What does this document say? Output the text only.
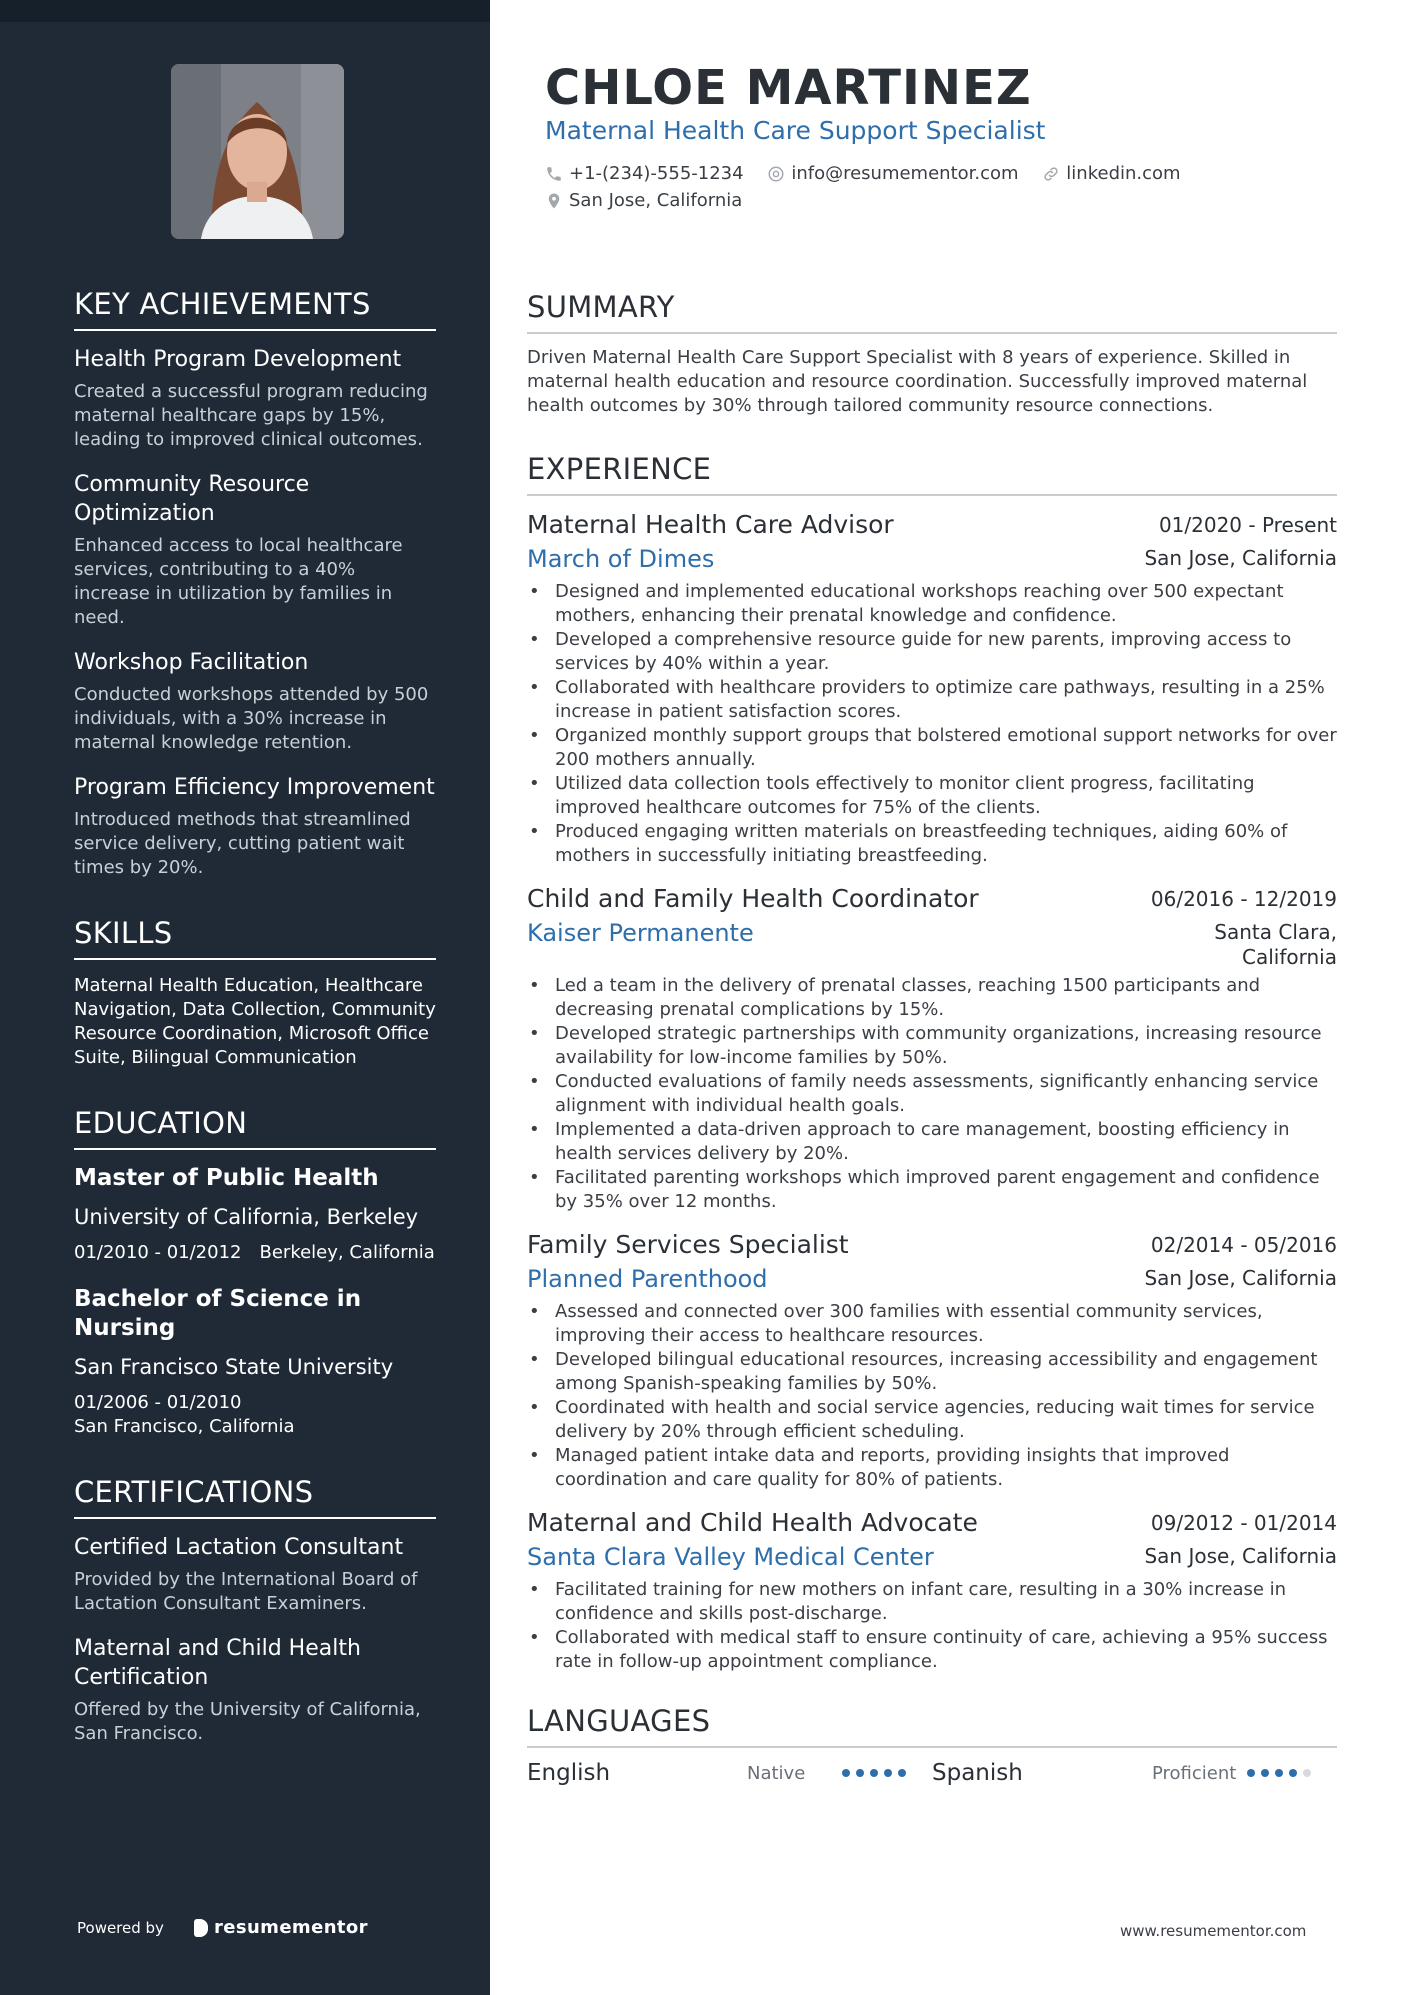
KEY ACHIEVEMENTS
Health Program Development
Created a successful program reducing maternal healthcare gaps by 15%, leading to improved clinical outcomes.
Community Resource Optimization
Enhanced access to local healthcare services, contributing to a 40% increase in utilization by families in need.
Workshop Facilitation
Conducted workshops attended by 500 individuals, with a 30% increase in maternal knowledge retention.
Program Efficiency Improvement
Introduced methods that streamlined service delivery, cutting patient wait times by 20%.
SKILLS
Maternal Health Education, Healthcare Navigation, Data Collection, Community Resource Coordination, Microsoft Office Suite, Bilingual Communication
EDUCATION
Master of Public Health
University of California, Berkeley
01/2010 - 01/2012 Berkeley, California
Bachelor of Science in Nursing
San Francisco State University
01/2006 - 01/2010
San Francisco, California
CERTIFICATIONS
Certified Lactation Consultant
Provided by the International Board of Lactation Consultant Examiners.
Maternal and Child Health Certification
Offered by the University of California, San Francisco.
Powered by	resumementor
CHLOE MARTINEZ
Maternal Health Care Support Specialist
+1-(234)-555-1234
	info@resumementor.com
	linkedin.com

San Jose, California
SUMMARY
Driven Maternal Health Care Support Specialist with 8 years of experience. Skilled in maternal health education and resource coordination. Successfully improved maternal health outcomes by 30% through tailored community resource connections.
EXPERIENCE
Maternal Health Care Advisor	01/2020 - Present
March of Dimes	San Jose, California
• Designed and implemented educational workshops reaching over 500 expectant mothers, enhancing their prenatal knowledge and confidence.
• Developed a comprehensive resource guide for new parents, improving access to services by 40% within a year.
• Collaborated with healthcare providers to optimize care pathways, resulting in a 25% increase in patient satisfaction scores.
• Organized monthly support groups that bolstered emotional support networks for over 200 mothers annually.
• Utilized data collection tools effectively to monitor client progress, facilitating improved healthcare outcomes for 75% of the clients.
• Produced engaging written materials on breastfeeding techniques, aiding 60% of mothers in successfully initiating breastfeeding.
Child and Family Health Coordinator	06/2016 - 12/2019
Kaiser Permanente	Santa Clara,
California
• Led a team in the delivery of prenatal classes, reaching 1500 participants and decreasing prenatal complications by 15%.
• Developed strategic partnerships with community organizations, increasing resource availability for low-income families by 50%.
• Conducted evaluations of family needs assessments, significantly enhancing service alignment with individual health goals.
• Implemented a data-driven approach to care management, boosting efficiency in health services delivery by 20%.
• Facilitated parenting workshops which improved parent engagement and confidence by 35% over 12 months.
Family Services Specialist	02/2014 - 05/2016
Planned Parenthood	San Jose, California
• Assessed and connected over 300 families with essential community services, improving their access to healthcare resources.
• Developed bilingual educational resources, increasing accessibility and engagement among Spanish-speaking families by 50%.
• Coordinated with health and social service agencies, reducing wait times for service delivery by 20% through efficient scheduling.
• Managed patient intake data and reports, providing insights that improved coordination and care quality for 80% of patients.
Maternal and Child Health Advocate	09/2012 - 01/2014
Santa Clara Valley Medical Center	San Jose, California
• Facilitated training for new mothers on infant care, resulting in a 30% increase in confidence and skills post-discharge.
• Collaborated with medical staff to ensure continuity of care, achieving a 95% success rate in follow-up appointment compliance.
LANGUAGES
English	Native	Spanish	Proficient
www.resumementor.com
